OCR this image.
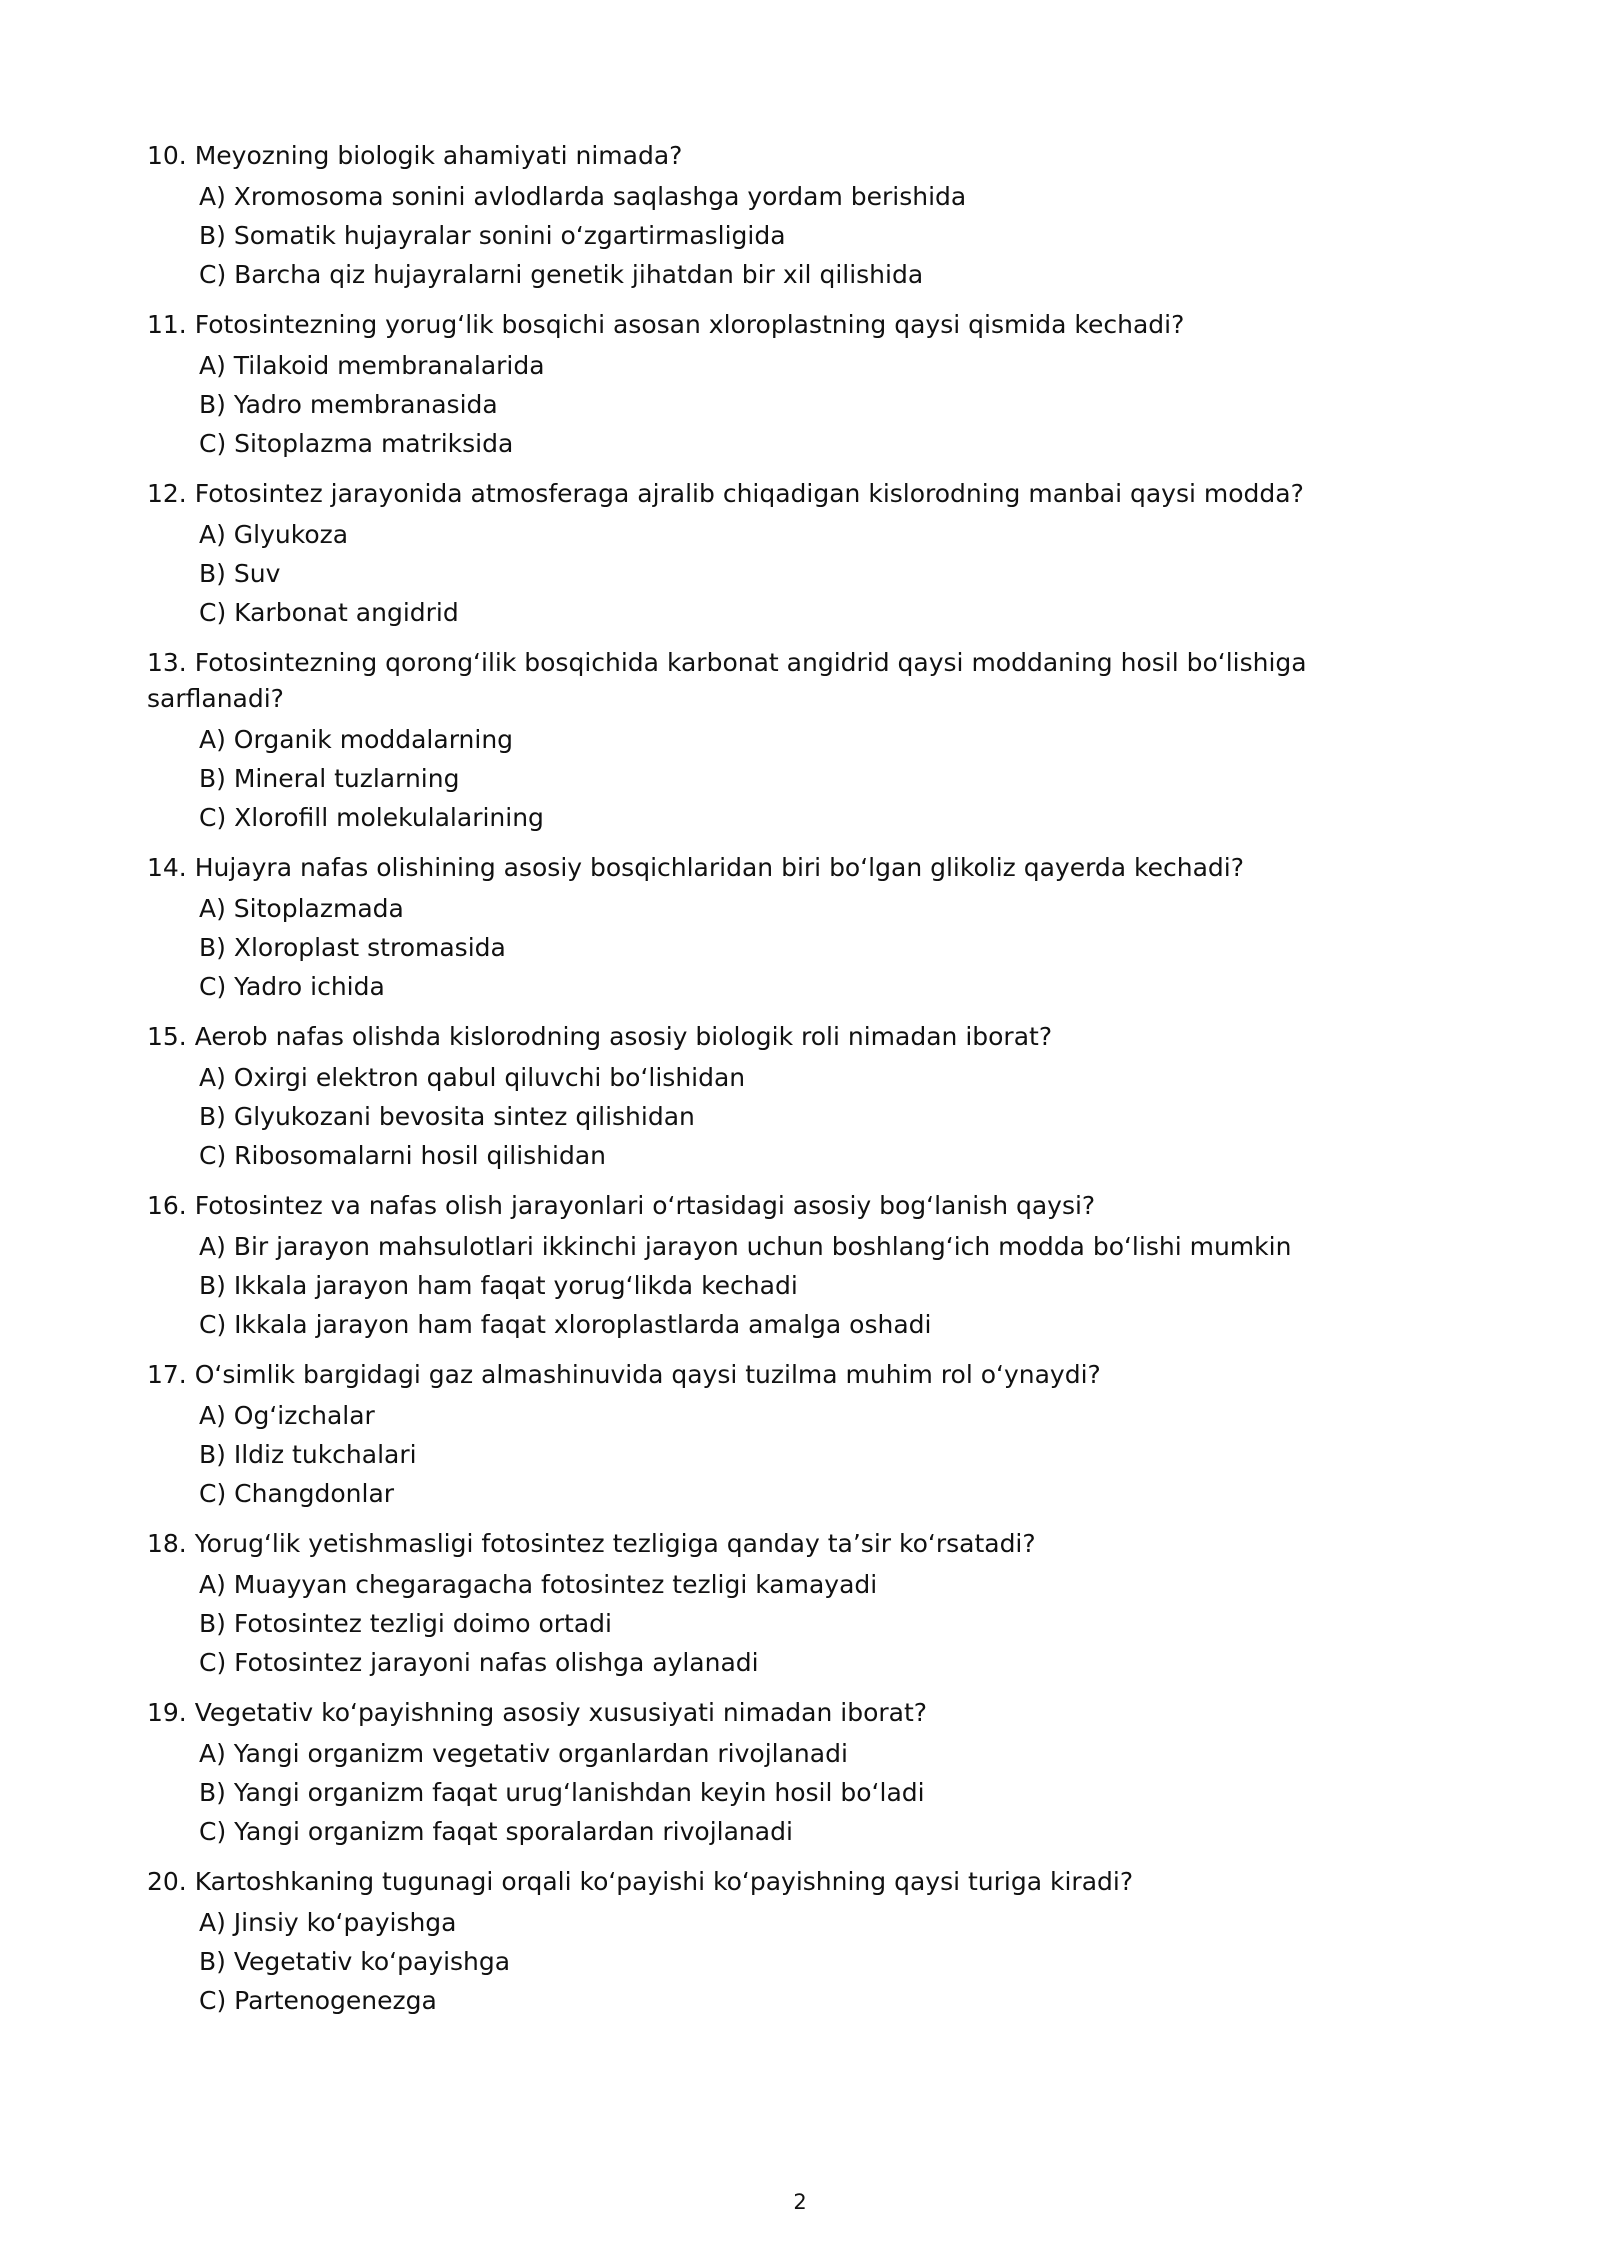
10. Meyozning biologik ahamiyati nimada?

A) Xromosoma sonini avlodlarda saqlashga yordam berishida
B) Somatik hujayralar sonini o‘zgartirmasligida
C) Barcha qiz hujayralarni genetik jihatdan bir xil qilishida

11. Fotosintezning yorug‘lik bosqichi asosan xloroplastning qaysi qismida kechadi?

A) Tilakoid membranalarida
B) Yadro membranasida
C) Sitoplazma matriksida

12. Fotosintez jarayonida atmosferaga ajralib chiqadigan kislorodning manbai qaysi modda?

A) Glyukoza
B) Suv
C) Karbonat angidrid

13. Fotosintezning qorong‘ilik bosqichida karbonat angidrid qaysi moddaning hosil bo‘lishiga sarflanadi?

A) Organik moddalarning
B) Mineral tuzlarning
C) Xlorofill molekulalarining

14. Hujayra nafas olishining asosiy bosqichlaridan biri bo‘lgan glikoliz qayerda kechadi?

A) Sitoplazmada
B) Xloroplast stromasida
C) Yadro ichida

15. Aerob nafas olishda kislorodning asosiy biologik roli nimadan iborat?

A) Oxirgi elektron qabul qiluvchi bo‘lishidan
B) Glyukozani bevosita sintez qilishidan
C) Ribosomalarni hosil qilishidan

16. Fotosintez va nafas olish jarayonlari o‘rtasidagi asosiy bog‘lanish qaysi?

A) Bir jarayon mahsulotlari ikkinchi jarayon uchun boshlang‘ich modda bo‘lishi mumkin
B) Ikkala jarayon ham faqat yorug‘likda kechadi
C) Ikkala jarayon ham faqat xloroplastlarda amalga oshadi

17. O‘simlik bargidagi gaz almashinuvida qaysi tuzilma muhim rol o‘ynaydi?

A) Og‘izchalar
B) Ildiz tukchalari
C) Changdonlar

18. Yorug‘lik yetishmasligi fotosintez tezligiga qanday ta’sir ko‘rsatadi?

A) Muayyan chegaragacha fotosintez tezligi kamayadi
B) Fotosintez tezligi doimo ortadi
C) Fotosintez jarayoni nafas olishga aylanadi

19. Vegetativ ko‘payishning asosiy xususiyati nimadan iborat?

A) Yangi organizm vegetativ organlardan rivojlanadi
B) Yangi organizm faqat urug‘lanishdan keyin hosil bo‘ladi
C) Yangi organizm faqat sporalardan rivojlanadi

20. Kartoshkaning tugunagi orqali ko‘payishi ko‘payishning qaysi turiga kiradi?

A) Jinsiy ko‘payishga
B) Vegetativ ko‘payishga
C) Partenogenezga
2
